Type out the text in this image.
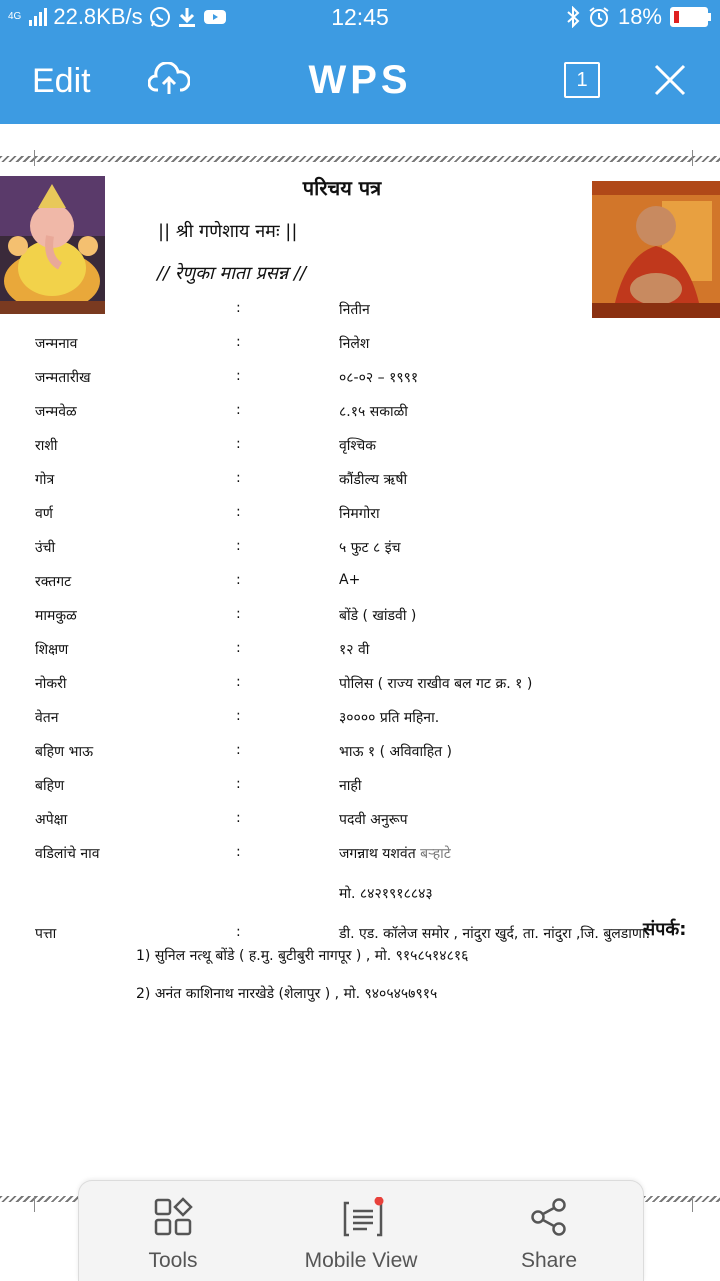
4G 22.8KB/s	12:45	18%
Edit	WPS	1
परिचय पत्र
|| श्री गणेशाय नमः ||
// रेणुका माता प्रसन्न //
:	नितीन
जन्मनाव	:	निलेश
जन्मतारीख	:	०८-०२ – १९९१
जन्मवेळ	:	८.१५ सकाळी
राशी	:	वृश्चिक
गोत्र	:	कौंडील्य ऋषी
वर्ण	:	निमगोरा
उंची	:	५ फुट ८ इंच
रक्तगट	:	A+
मामकुळ	:	बोंडे ( खांडवी )
शिक्षण	:	१२ वी
नोकरी	:	पोलिस ( राज्य राखीव बल गट क्र. १ )
वेतन	:	३०००० प्रति महिना.
बहिण भाऊ	:	भाऊ १ ( अविवाहित )
बहिण	:	नाही
अपेक्षा	:	पदवी अनुरूप
वडिलांचे नाव	:	जगन्नाथ यशवंत बऱ्हाटे
मो. ८४२१९१८८४३
पत्ता	:	डी. एड. कॉलेज समोर , नांदुरा खुर्द, ता. नांदुरा ,जि. बुलडाणा.
संपर्क:
1) सुनिल नत्थू बोंडे ( ह.मु. बुटीबुरी नागपूर ) , मो. ९१५८५१४८१६
2) अनंत काशिनाथ नारखेडे (शेलापुर ) , मो. ९४०५४५७९१५
Tools	Mobile View	Share
